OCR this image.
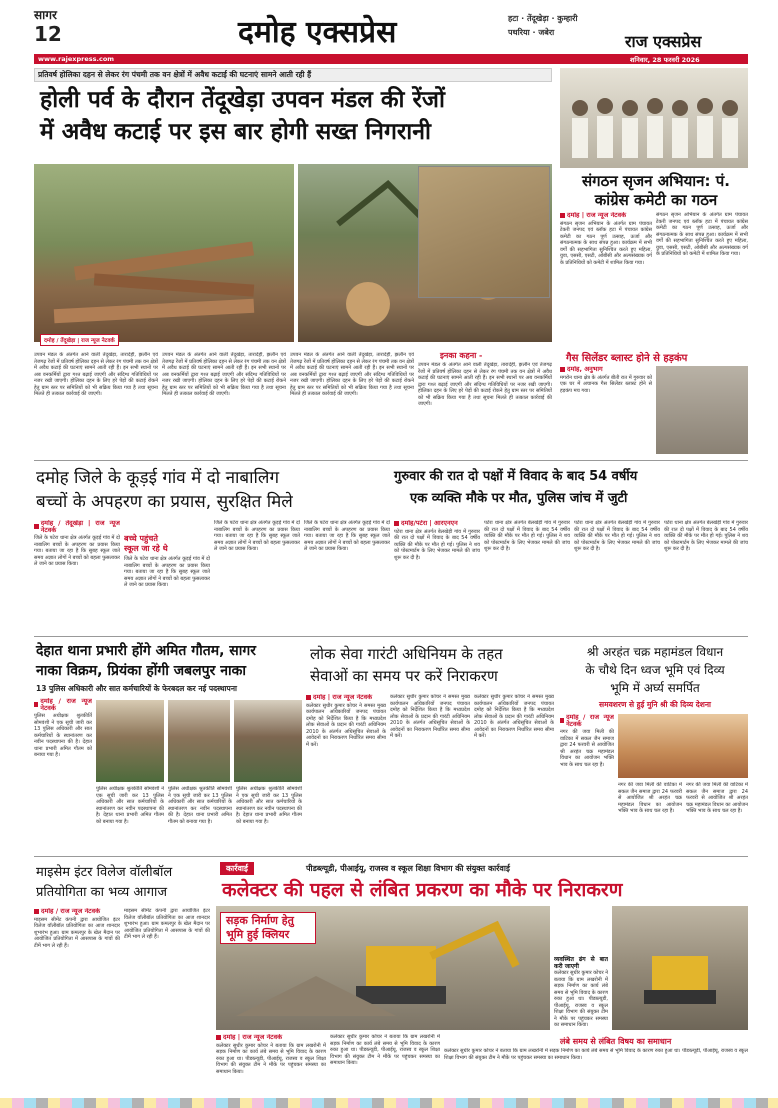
सागर
12	दमोह एक्सप्रेस	हटा · तेंदूखेड़ा · कुम्हारी
पथरिया · जबेरा	राज एक्सप्रेस
www.rajexpress.com	शनिवार, 28 फरवरी 2026
प्रतिवर्ष होलिका दहन से लेकर रंग पंचमी तक वन क्षेत्रों में अवैध कटाई की घटनाएं सामने आती रही हैं
होली पर्व के दौरान तेंदूखेड़ा उपवन मंडल की रेंजों
में अवैध कटाई पर इस बार होगी सख्त निगरानी
दमोह / तेंदूखेड़ा | राज न्यूज नेटवर्क
उपवन मंडल के अंतर्गत आने वाली तेंदूखेड़ा, तारादेही, झलौन एवं तेजगढ़ रेंजों में प्रतिवर्ष होलिका दहन से लेकर रंग पंचमी तक वन क्षेत्रों में अवैध कटाई की घटनाएं सामने आती रही हैं। इन सभी स्थानों पर अब वनकर्मियों द्वारा गश्त बढ़ाई जाएगी और संदिग्ध गतिविधियों पर नजर रखी जाएगी। होलिका दहन के लिए हरे पेड़ों की कटाई रोकने हेतु ग्राम स्तर पर समितियों को भी सक्रिय किया गया है तथा सूचना मिलते ही तत्काल कार्रवाई की जाएगी।
उपवन मंडल के अंतर्गत आने वाली तेंदूखेड़ा, तारादेही, झलौन एवं तेजगढ़ रेंजों में प्रतिवर्ष होलिका दहन से लेकर रंग पंचमी तक वन क्षेत्रों में अवैध कटाई की घटनाएं सामने आती रही हैं। इन सभी स्थानों पर अब वनकर्मियों द्वारा गश्त बढ़ाई जाएगी और संदिग्ध गतिविधियों पर नजर रखी जाएगी। होलिका दहन के लिए हरे पेड़ों की कटाई रोकने हेतु ग्राम स्तर पर समितियों को भी सक्रिय किया गया है तथा सूचना मिलते ही तत्काल कार्रवाई की जाएगी।
उपवन मंडल के अंतर्गत आने वाली तेंदूखेड़ा, तारादेही, झलौन एवं तेजगढ़ रेंजों में प्रतिवर्ष होलिका दहन से लेकर रंग पंचमी तक वन क्षेत्रों में अवैध कटाई की घटनाएं सामने आती रही हैं। इन सभी स्थानों पर अब वनकर्मियों द्वारा गश्त बढ़ाई जाएगी और संदिग्ध गतिविधियों पर नजर रखी जाएगी। होलिका दहन के लिए हरे पेड़ों की कटाई रोकने हेतु ग्राम स्तर पर समितियों को भी सक्रिय किया गया है तथा सूचना मिलते ही तत्काल कार्रवाई की जाएगी।
इनका कहना -
उपवन मंडल के अंतर्गत आने वाली तेंदूखेड़ा, तारादेही, झलौन एवं तेजगढ़ रेंजों में प्रतिवर्ष होलिका दहन से लेकर रंग पंचमी तक वन क्षेत्रों में अवैध कटाई की घटनाएं सामने आती रही हैं। इन सभी स्थानों पर अब वनकर्मियों द्वारा गश्त बढ़ाई जाएगी और संदिग्ध गतिविधियों पर नजर रखी जाएगी। होलिका दहन के लिए हरे पेड़ों की कटाई रोकने हेतु ग्राम स्तर पर समितियों को भी सक्रिय किया गया है तथा सूचना मिलते ही तत्काल कार्रवाई की जाएगी।
संगठन सृजन अभियान: पं. कांग्रेस कमेटी का गठन
दमोह | राज न्यूज नेटवर्क
संगठन सृजन अभियान के अंतर्गत ग्राम पंचायत टेकरी जनपद एवं ब्लॉक हटा में पंचायत कांग्रेस कमेटी का गठन पूर्ण उत्साह, ऊर्जा और संगठनात्मक के साथ संपन्न हुआ। कार्यक्रम में सभी वर्गों की सहभागिता सुनिश्चित करते हुए महिला, युवा, एससी, एसटी, ओबीसी और अल्पसंख्यक वर्ग के प्रतिनिधियों को कमेटी में शामिल किया गया।
संगठन सृजन अभियान के अंतर्गत ग्राम पंचायत टेकरी जनपद एवं ब्लॉक हटा में पंचायत कांग्रेस कमेटी का गठन पूर्ण उत्साह, ऊर्जा और संगठनात्मक के साथ संपन्न हुआ। कार्यक्रम में सभी वर्गों की सहभागिता सुनिश्चित करते हुए महिला, युवा, एससी, एसटी, ओबीसी और अल्पसंख्यक वर्ग के प्रतिनिधियों को कमेटी में शामिल किया गया।
गैस सिलेंडर ब्लास्ट होने से हड़कंप
दमोह, अनुभाग
मगरोन थाना क्षेत्र के अंतर्गत बीती रात में गुरुवार को एक घर में अचानक गैस सिलेंडर ब्लास्ट होने से हड़कंप मच गया।
दमोह जिले के कूड़ई गांव में दो नाबालिग
बच्चों के अपहरण का प्रयास, सुरक्षित मिले
दमोह / तेंदूखेड़ा | राज न्यूज नेटवर्क
जिले के पटेरा थाना क्षेत्र अंतर्गत कूड़ई गांव में दो नाबालिग बच्चों के अपहरण का प्रयास किया गया। बताया जा रहा है कि सुबह स्कूल जाते समय अज्ञात लोगों ने बच्चों को बहला फुसलाकर ले जाने का प्रयास किया।
बच्चे पहुंचते
स्कूल जा रहे थे
जिले के पटेरा थाना क्षेत्र अंतर्गत कूड़ई गांव में दो नाबालिग बच्चों के अपहरण का प्रयास किया गया। बताया जा रहा है कि सुबह स्कूल जाते समय अज्ञात लोगों ने बच्चों को बहला फुसलाकर ले जाने का प्रयास किया।
जिले के पटेरा थाना क्षेत्र अंतर्गत कूड़ई गांव में दो नाबालिग बच्चों के अपहरण का प्रयास किया गया। बताया जा रहा है कि सुबह स्कूल जाते समय अज्ञात लोगों ने बच्चों को बहला फुसलाकर ले जाने का प्रयास किया।
जिले के पटेरा थाना क्षेत्र अंतर्गत कूड़ई गांव में दो नाबालिग बच्चों के अपहरण का प्रयास किया गया। बताया जा रहा है कि सुबह स्कूल जाते समय अज्ञात लोगों ने बच्चों को बहला फुसलाकर ले जाने का प्रयास किया।
गुरुवार की रात दो पक्षों में विवाद के बाद 54 वर्षीय
एक व्यक्ति मौके पर मौत, पुलिस जांच में जुटी
दमोह/पटेरा | आरएनएन
पटेरा थाना क्षेत्र अंतर्गत बेलखेड़ी गांव में गुरुवार की रात दो पक्षों में विवाद के बाद 54 वर्षीय व्यक्ति की मौके पर मौत हो गई। पुलिस ने शव को पोस्टमार्टम के लिए भेजकर मामले की जांच शुरू कर दी है।
पटेरा थाना क्षेत्र अंतर्गत बेलखेड़ी गांव में गुरुवार की रात दो पक्षों में विवाद के बाद 54 वर्षीय व्यक्ति की मौके पर मौत हो गई। पुलिस ने शव को पोस्टमार्टम के लिए भेजकर मामले की जांच शुरू कर दी है।
पटेरा थाना क्षेत्र अंतर्गत बेलखेड़ी गांव में गुरुवार की रात दो पक्षों में विवाद के बाद 54 वर्षीय व्यक्ति की मौके पर मौत हो गई। पुलिस ने शव को पोस्टमार्टम के लिए भेजकर मामले की जांच शुरू कर दी है।
पटेरा थाना क्षेत्र अंतर्गत बेलखेड़ी गांव में गुरुवार की रात दो पक्षों में विवाद के बाद 54 वर्षीय व्यक्ति की मौके पर मौत हो गई। पुलिस ने शव को पोस्टमार्टम के लिए भेजकर मामले की जांच शुरू कर दी है।
देहात थाना प्रभारी होंगे अमित गौतम, सागर
नाका विक्रम, प्रियंका होंगी जबलपुर नाका
13 पुलिस अधिकारी और सात कर्मचारियों के फेरबदल कर नई पदस्थापना
दमोह / राज न्यूज नेटवर्क
पुलिस अधीक्षक श्रुतकीर्ति सोमवंशी ने एक सूची जारी कर 13 पुलिस अधिकारी और सात कर्मचारियों के स्थानांतरण कर नवीन पदस्थापना की है। देहात थाना प्रभारी अमित गौतम को बनाया गया है।
पुलिस अधीक्षक श्रुतकीर्ति सोमवंशी ने एक सूची जारी कर 13 पुलिस अधिकारी और सात कर्मचारियों के स्थानांतरण कर नवीन पदस्थापना की है। देहात थाना प्रभारी अमित गौतम को बनाया गया है।
पुलिस अधीक्षक श्रुतकीर्ति सोमवंशी ने एक सूची जारी कर 13 पुलिस अधिकारी और सात कर्मचारियों के स्थानांतरण कर नवीन पदस्थापना की है। देहात थाना प्रभारी अमित गौतम को बनाया गया है।
पुलिस अधीक्षक श्रुतकीर्ति सोमवंशी ने एक सूची जारी कर 13 पुलिस अधिकारी और सात कर्मचारियों के स्थानांतरण कर नवीन पदस्थापना की है। देहात थाना प्रभारी अमित गौतम को बनाया गया है।
लोक सेवा गारंटी अधिनियम के तहत
सेवाओं का समय पर करें निराकरण
दमोह | राज न्यूज नेटवर्क
कलेक्टर सुधीर कुमार कोचर ने समस्त मुख्य कार्यपालन अधिकारियों जनपद पंचायत दमोह को निर्देशित किया है कि मध्यप्रदेश लोक सेवाओं के प्रदान की गारंटी अधिनियम 2010 के अंतर्गत अधिसूचित सेवाओं के आवेदनों का निराकरण निर्धारित समय सीमा में करें।
कलेक्टर सुधीर कुमार कोचर ने समस्त मुख्य कार्यपालन अधिकारियों जनपद पंचायत दमोह को निर्देशित किया है कि मध्यप्रदेश लोक सेवाओं के प्रदान की गारंटी अधिनियम 2010 के अंतर्गत अधिसूचित सेवाओं के आवेदनों का निराकरण निर्धारित समय सीमा में करें।
कलेक्टर सुधीर कुमार कोचर ने समस्त मुख्य कार्यपालन अधिकारियों जनपद पंचायत दमोह को निर्देशित किया है कि मध्यप्रदेश लोक सेवाओं के प्रदान की गारंटी अधिनियम 2010 के अंतर्गत अधिसूचित सेवाओं के आवेदनों का निराकरण निर्धारित समय सीमा में करें।
श्री अरहंत चक्र महामंडल विधान
के चौथे दिन ध्वज भूमि एवं दिव्य
भूमि में अर्घ्य समर्पित
समवशरण से हुई मुनि श्री की दिव्य देशना
दमोह / राज न्यूज नेटवर्क
नगर की जवा मिली की वाटिका में सकल जैन समाज द्वारा 24 फरवरी से आयोजित श्री अरहंत चक्र महामंडल विधान का आयोजन भक्ति भाव के साथ चल रहा है।
नगर की जवा मिली की वाटिका में सकल जैन समाज द्वारा 24 फरवरी से आयोजित श्री अरहंत चक्र महामंडल विधान का आयोजन भक्ति भाव के साथ चल रहा है।
नगर की जवा मिली की वाटिका में सकल जैन समाज द्वारा 24 फरवरी से आयोजित श्री अरहंत चक्र महामंडल विधान का आयोजन भक्ति भाव के साथ चल रहा है।
माइसेम इंटर विलेज वॉलीबॉल
प्रतियोगिता का भव्य आगाज
दमोह / राज न्यूज नेटवर्क
माइसम सीमेंट कंपनी द्वारा आयोजित इंटर विलेज वॉलीबॉल प्रतियोगिता का आज शानदार शुभारंभ हुआ। ग्राम कमलपुर के खेल मैदान पर आयोजित प्रतियोगिता में आसपास के गांवों की टीमें भाग ले रही हैं।
माइसम सीमेंट कंपनी द्वारा आयोजित इंटर विलेज वॉलीबॉल प्रतियोगिता का आज शानदार शुभारंभ हुआ। ग्राम कमलपुर के खेल मैदान पर आयोजित प्रतियोगिता में आसपास के गांवों की टीमें भाग ले रही हैं।
कार्रवाई	पीडब्ल्यूडी, पीआईयू, राजस्व व स्कूल शिक्षा विभाग की संयुक्त कार्रवाई
कलेक्टर की पहल से लंबित प्रकरण का मौके पर निराकरण
सड़क निर्माण हेतु
भूमि हुई क्लियर
दमोह | राज न्यूज नेटवर्क
कलेक्टर सुधीर कुमार कोचर ने बताया कि ग्राम लखरोनी में सड़क निर्माण का कार्य लंबे समय से भूमि विवाद के कारण रुका हुआ था। पीडब्ल्यूडी, पीआईयू, राजस्व व स्कूल शिक्षा विभाग की संयुक्त टीम ने मौके पर पहुंचकर समस्या का समाधान किया।
कलेक्टर सुधीर कुमार कोचर ने बताया कि ग्राम लखरोनी में सड़क निर्माण का कार्य लंबे समय से भूमि विवाद के कारण रुका हुआ था। पीडब्ल्यूडी, पीआईयू, राजस्व व स्कूल शिक्षा विभाग की संयुक्त टीम ने मौके पर पहुंचकर समस्या का समाधान किया।
व्यवस्थित ढंग से बात करी जाएगी
कलेक्टर सुधीर कुमार कोचर ने बताया कि ग्राम लखरोनी में सड़क निर्माण का कार्य लंबे समय से भूमि विवाद के कारण रुका हुआ था। पीडब्ल्यूडी, पीआईयू, राजस्व व स्कूल शिक्षा विभाग की संयुक्त टीम ने मौके पर पहुंचकर समस्या का समाधान किया।
लंबे समय से लंबित विषय का समाधान
कलेक्टर सुधीर कुमार कोचर ने बताया कि ग्राम लखरोनी में सड़क निर्माण का कार्य लंबे समय से भूमि विवाद के कारण रुका हुआ था। पीडब्ल्यूडी, पीआईयू, राजस्व व स्कूल शिक्षा विभाग की संयुक्त टीम ने मौके पर पहुंचकर समस्या का समाधान किया।
